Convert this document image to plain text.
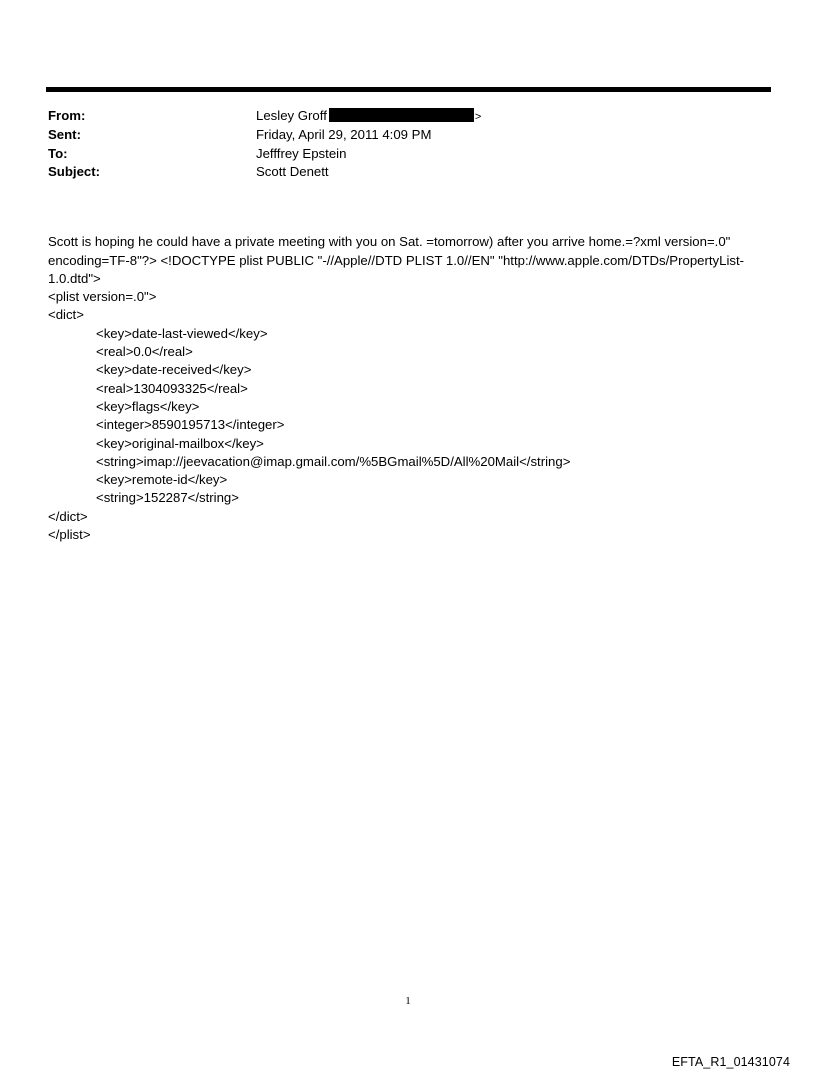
From:	Lesley Groff	>
Sent:	Friday, April 29, 2011 4:09 PM
To:	Jefffrey Epstein
Subject:	Scott Denett

Scott is hoping he could have a private meeting with you on Sat. =tomorrow) after you arrive home.=?xml version=.0" encoding=TF-8"?> <!DOCTYPE plist PUBLIC "-//Apple//DTD PLIST 1.0//EN" "http://www.apple.com/DTDs/PropertyList-1.0.dtd">
<plist version=.0">
<dict>
<key>date-last-viewed</key>
<real>0.0</real>
<key>date-received</key>
<real>1304093325</real>
<key>flags</key>
<integer>8590195713</integer>
<key>original-mailbox</key>
<string>imap://jeevacation@imap.gmail.com/%5BGmail%5D/All%20Mail</string>
<key>remote-id</key>
<string>152287</string>
</dict>
</plist>

1
EFTA_R1_01431074
